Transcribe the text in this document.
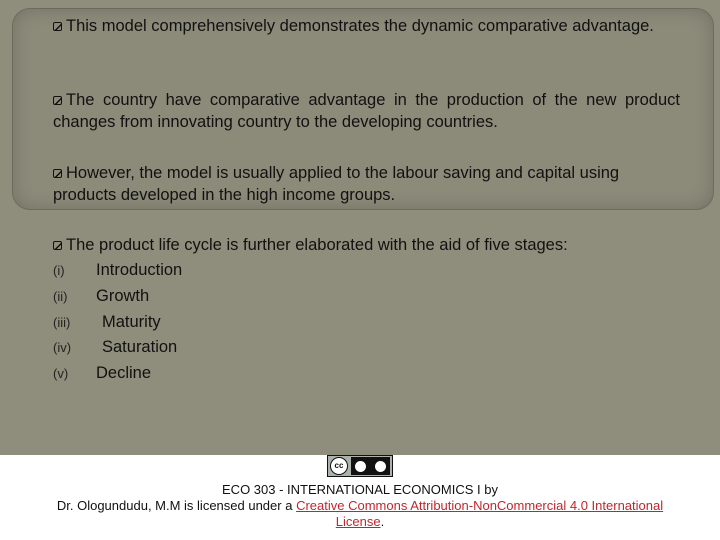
This model comprehensively demonstrates the dynamic comparative advantage.
The country have comparative advantage in the production of the new product changes from innovating country to the developing countries.
However, the model is usually applied to the labour saving and capital using products developed in the high income groups.
The product life cycle is further elaborated with the aid of five stages:
(i) Introduction
(ii) Growth
(iii) Maturity
(iv) Saturation
(v) Decline
cc
ECO 303 - INTERNATIONAL ECONOMICS I by
Dr. Ologundudu, M.M is licensed under a Creative Commons Attribution-NonCommercial 4.0 International
License.
